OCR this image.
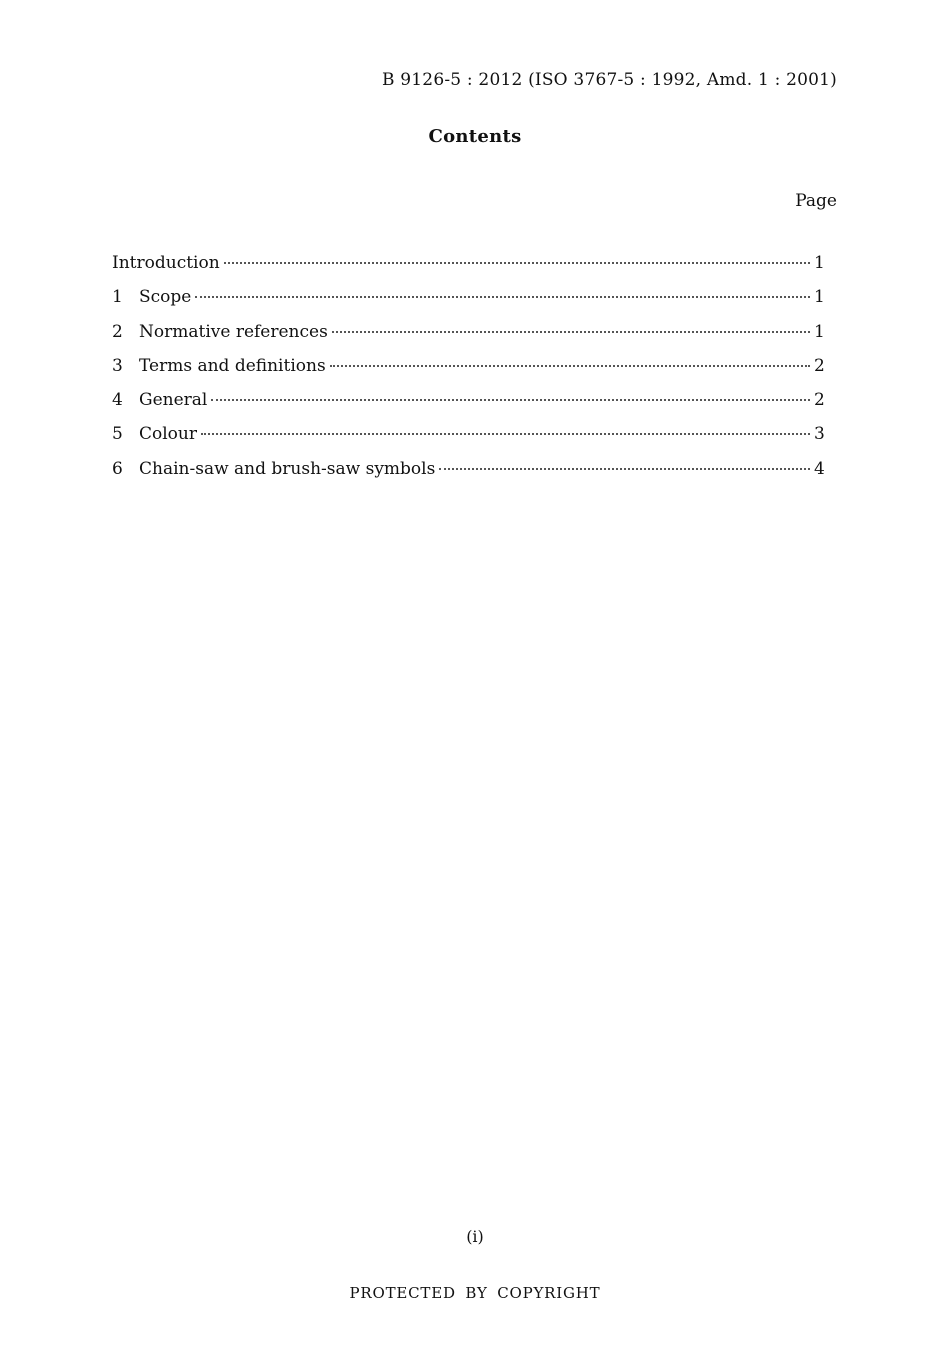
B 9126-5 : 2012 (ISO 3767-5 : 1992, Amd. 1 : 2001)
Contents
Page
Introduction	1
1 Scope	1
2 Normative references	1
3 Terms and definitions	2
4 General	2
5 Colour	3
6 Chain-saw and brush-saw symbols	4
(i)
PROTECTED BY COPYRIGHT
